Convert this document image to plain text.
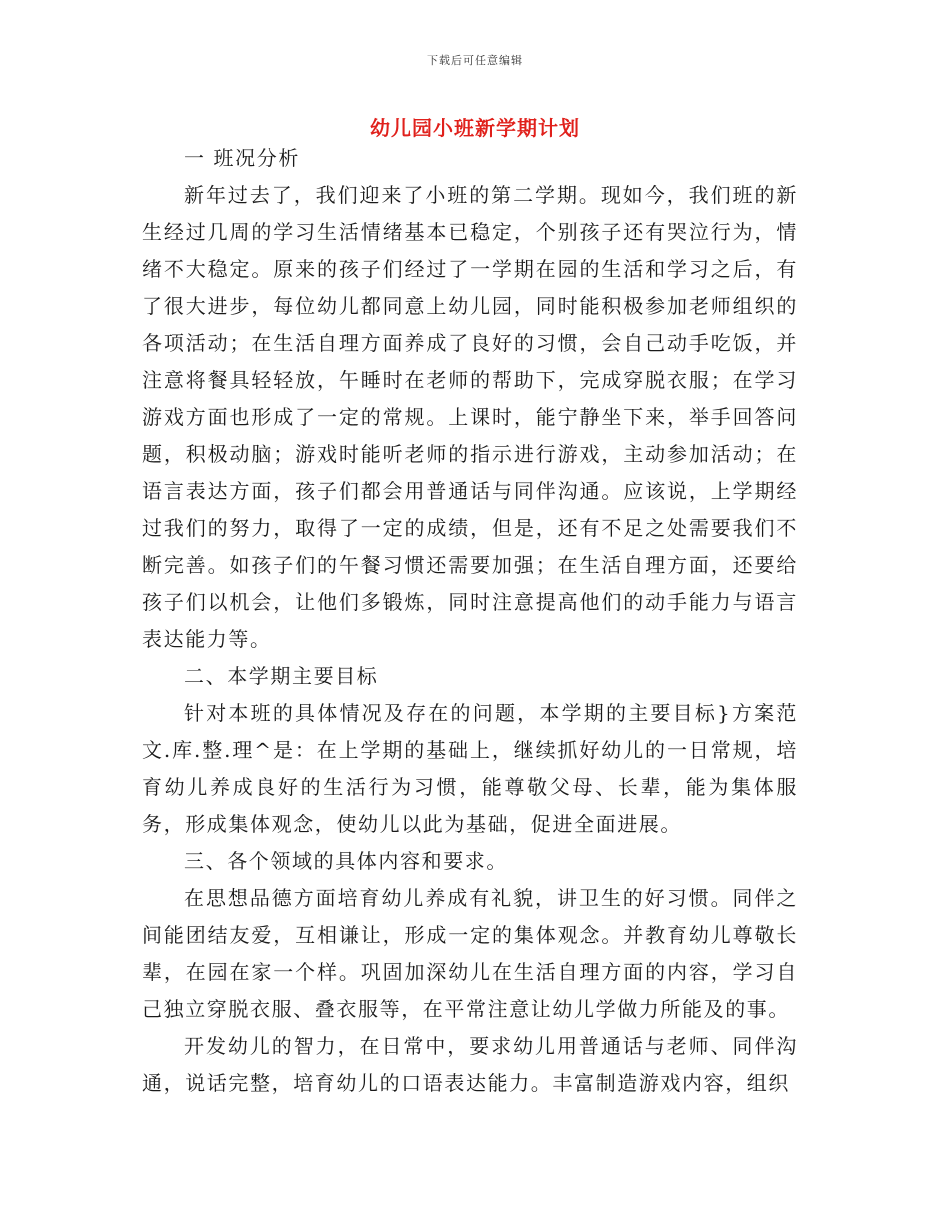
下载后可任意编辑
幼儿园小班新学期计划

一 班况分析

新年过去了，我们迎来了小班的第二学期。现如今，我们班的新生经过几周的学习生活情绪基本已稳定，个别孩子还有哭泣行为，情绪不大稳定。原来的孩子们经过了一学期在园的生活和学习之后，有了很大进步，每位幼儿都同意上幼儿园，同时能积极参加老师组织的各项活动；在生活自理方面养成了良好的习惯，会自己动手吃饭，并注意将餐具轻轻放，午睡时在老师的帮助下，完成穿脱衣服；在学习游戏方面也形成了一定的常规。上课时，能宁静坐下来，举手回答问题，积极动脑；游戏时能听老师的指示进行游戏，主动参加活动；在语言表达方面，孩子们都会用普通话与同伴沟通。应该说，上学期经过我们的努力，取得了一定的成绩，但是，还有不足之处需要我们不断完善。如孩子们的午餐习惯还需要加强；在生活自理方面，还要给孩子们以机会，让他们多锻炼，同时注意提高他们的动手能力与语言表达能力等。

二、本学期主要目标

针对本班的具体情况及存在的问题，本学期的主要目标}方案范文.库.整.理^是：在上学期的基础上，继续抓好幼儿的一日常规，培育幼儿养成良好的生活行为习惯，能尊敬父母、长辈，能为集体服务，形成集体观念，使幼儿以此为基础，促进全面进展。

三、各个领域的具体内容和要求。

在思想品德方面培育幼儿养成有礼貌，讲卫生的好习惯。同伴之间能团结友爱，互相谦让，形成一定的集体观念。并教育幼儿尊敬长辈，在园在家一个样。巩固加深幼儿在生活自理方面的内容，学习自己独立穿脱衣服、叠衣服等，在平常注意让幼儿学做力所能及的事。

开发幼儿的智力，在日常中，要求幼儿用普通话与老师、同伴沟通，说话完整，培育幼儿的口语表达能力。丰富制造游戏内容，组织
